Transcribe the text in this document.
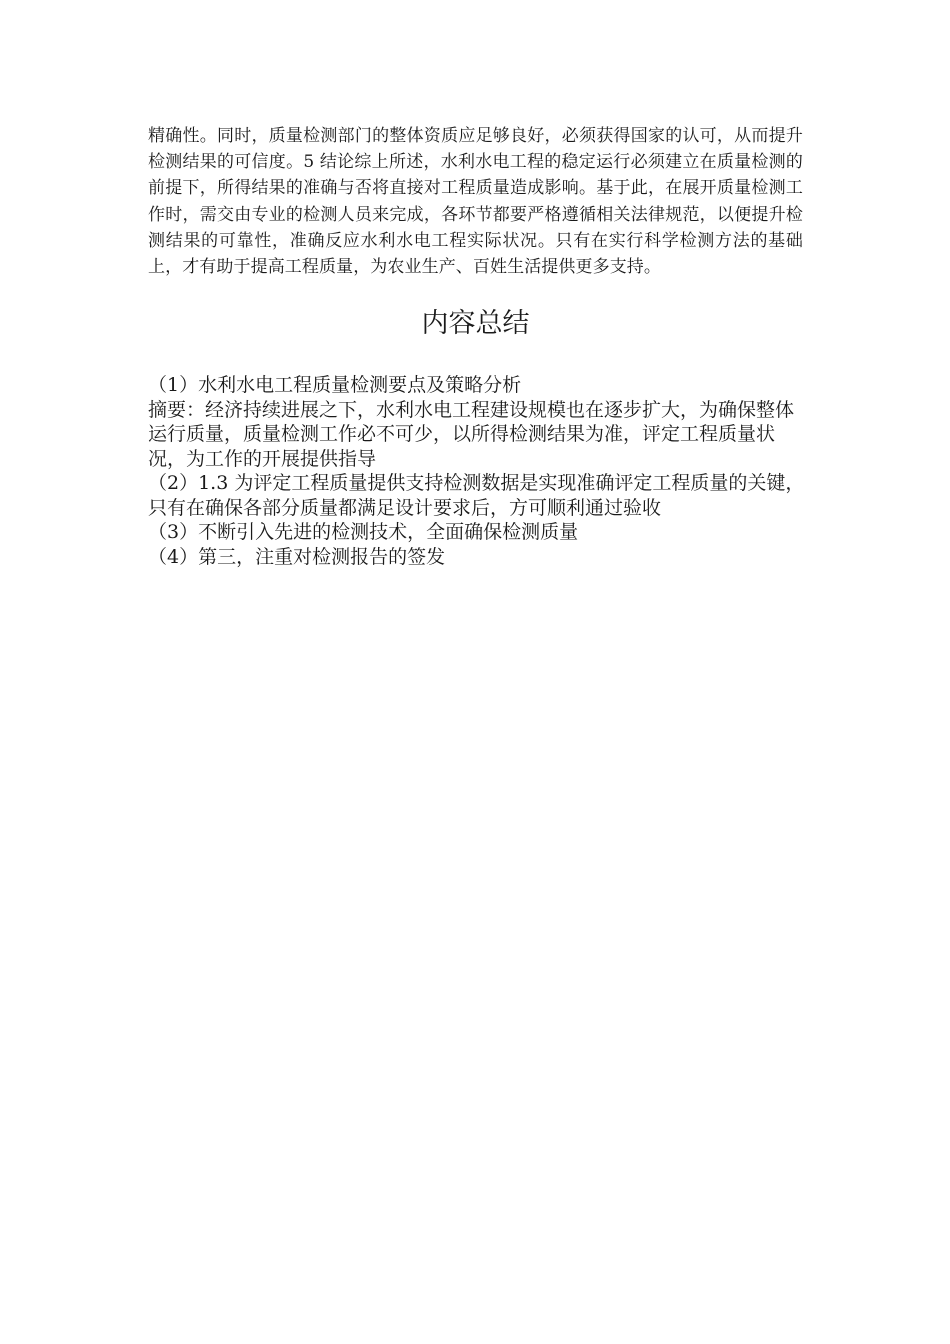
精确性。同时，质量检测部门的整体资质应足够良好，必须获得国家的认可，从而提升检测结果的可信度。5 结论综上所述，水利水电工程的稳定运行必须建立在质量检测的前提下，所得结果的准确与否将直接对工程质量造成影响。基于此，在展开质量检测工作时，需交由专业的检测人员来完成，各环节都要严格遵循相关法律规范，以便提升检测结果的可靠性，准确反应水利水电工程实际状况。只有在实行科学检测方法的基础上，才有助于提高工程质量，为农业生产、百姓生活提供更多支持。

内容总结
（1）水利水电工程质量检测要点及策略分析
摘要：经济持续进展之下，水利水电工程建设规模也在逐步扩大，为确保整体运行质量，质量检测工作必不可少，以所得检测结果为准，评定工程质量状况，为工作的开展提供指导
（2）1.3 为评定工程质量提供支持检测数据是实现准确评定工程质量的关键，只有在确保各部分质量都满足设计要求后，方可顺利通过验收
（3）不断引入先进的检测技术，全面确保检测质量
（4）第三，注重对检测报告的签发
